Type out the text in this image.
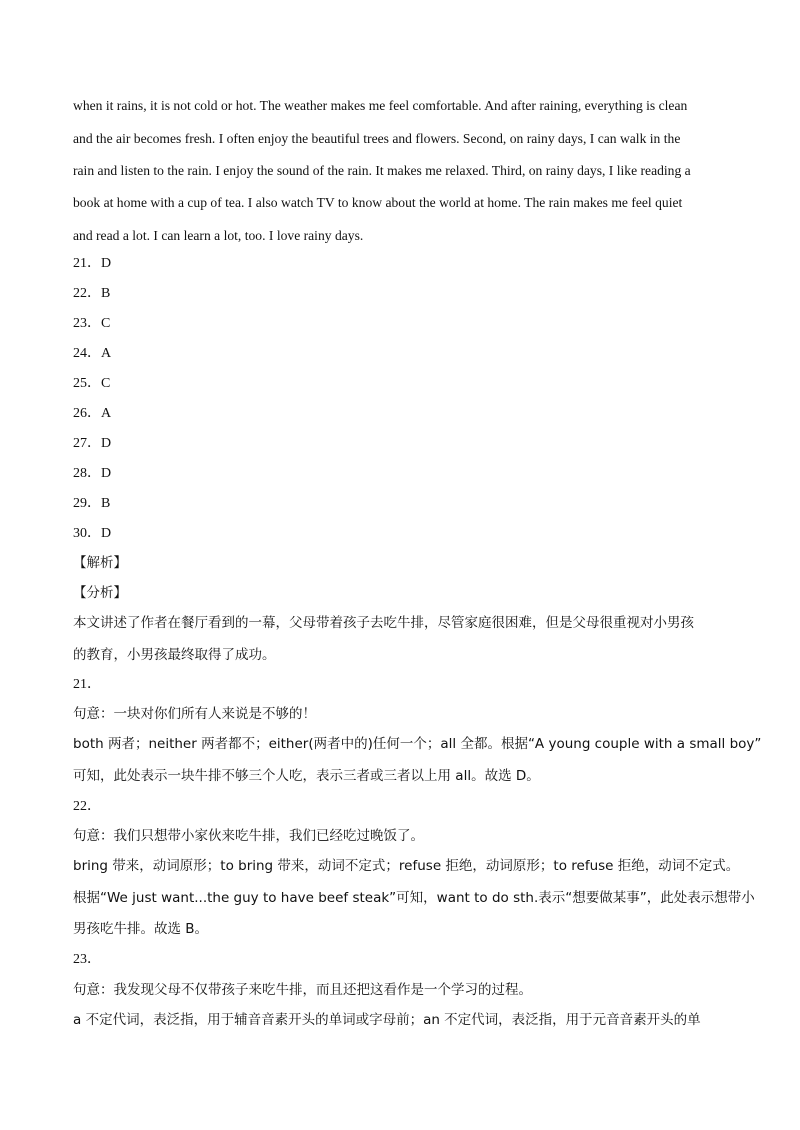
when it rains, it is not cold or hot. The weather makes me feel comfortable. And after raining, everything is clean
and the air becomes fresh. I often enjoy the beautiful trees and flowers. Second, on rainy days, I can walk in the
rain and listen to the rain. I enjoy the sound of the rain. It makes me relaxed. Third, on rainy days, I like reading a
book at home with a cup of tea. I also watch TV to know about the world at home. The rain makes me feel quiet
and read a lot. I can learn a lot, too. I love rainy days.
21．D
22．B
23．C
24．A
25．C
26．A
27．D
28．D
29．B
30．D
【解析】
【分析】
本文讲述了作者在餐厅看到的一幕，父母带着孩子去吃牛排，尽管家庭很困难，但是父母很重视对小男孩
的教育，小男孩最终取得了成功。
21．
句意：一块对你们所有人来说是不够的！
both 两者；neither 两者都不；either(两者中的)任何一个；all 全都。根据“A young couple with a small boy”
可知，此处表示一块牛排不够三个人吃，表示三者或三者以上用 all。故选 D。
22．
句意：我们只想带小家伙来吃牛排，我们已经吃过晚饭了。
bring 带来，动词原形；to bring 带来，动词不定式；refuse 拒绝，动词原形；to refuse 拒绝，动词不定式。
根据“We just want...the guy to have beef steak”可知，want to do sth.表示“想要做某事”，此处表示想带小
男孩吃牛排。故选 B。
23．
句意：我发现父母不仅带孩子来吃牛排，而且还把这看作是一个学习的过程。
a 不定代词，表泛指，用于辅音音素开头的单词或字母前；an 不定代词，表泛指，用于元音音素开头的单
